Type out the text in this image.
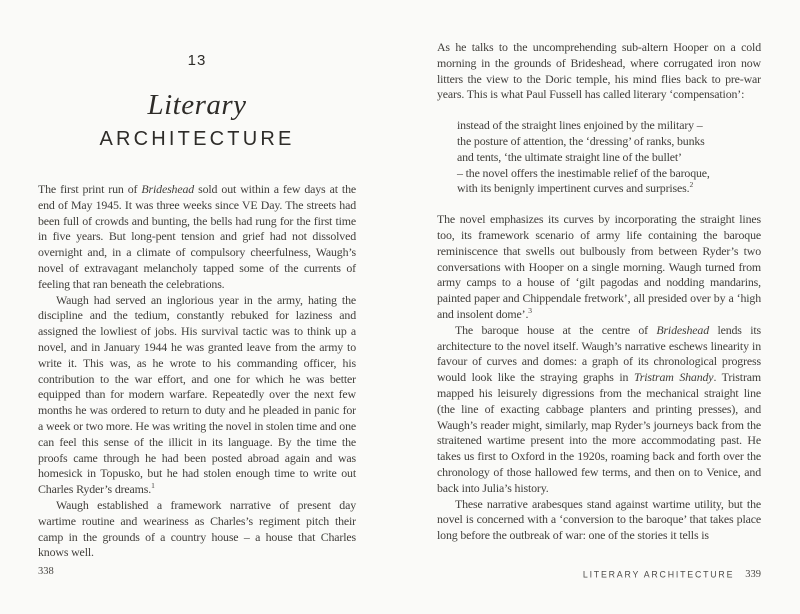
13
Literary
ARCHITECTURE

The first print run of Brideshead sold out within a few days at the end of May 1945. It was three weeks since VE Day. The streets had been full of crowds and bunting, the bells had rung for the first time in five years. But long-pent tension and grief had not dissolved overnight and, in a climate of compulsory cheerfulness, Waugh’s novel of extravagant melancholy tapped some of the currents of feeling that ran beneath the celebrations.

Waugh had served an inglorious year in the army, hating the discipline and the tedium, constantly rebuked for laziness and assigned the lowliest of jobs. His survival tactic was to think up a novel, and in January 1944 he was granted leave from the army to write it. This was, as he wrote to his commanding officer, his contribution to the war effort, and one for which he was better equipped than for modern warfare. Repeatedly over the next few months he was ordered to return to duty and he pleaded in panic for a week or two more. He was writing the novel in stolen time and one can feel this sense of the illicit in its language. By the time the proofs came through he had been posted abroad again and was homesick in Topusko, but he had stolen enough time to write out Charles Ryder’s dreams.$^1$

Waugh established a framework narrative of present day wartime routine and weariness as Charles’s regiment pitch their camp in the grounds of a country house – a house that Charles knows well.

338

As he talks to the uncomprehending sub-altern Hooper on a cold morning in the grounds of Brideshead, where corrugated iron now litters the view to the Doric temple, his mind flies back to pre-war years. This is what Paul Fussell has called literary ‘compensation’:

instead of the straight lines enjoined by the military –
the posture of attention, the ‘dressing’ of ranks, bunks
and tents, ‘the ultimate straight line of the bullet’
– the novel offers the inestimable relief of the baroque,
with its benignly impertinent curves and surprises.$^2$

The novel emphasizes its curves by incorporating the straight lines too, its framework scenario of army life containing the baroque reminiscence that swells out bulbously from between Ryder’s two conversations with Hooper on a single morning. Waugh turned from army camps to a house of ‘gilt pagodas and nodding mandarins, painted paper and Chippendale fretwork’, all presided over by a ‘high and insolent dome’.$^3$

The baroque house at the centre of Brideshead lends its architecture to the novel itself. Waugh’s narrative eschews linearity in favour of curves and domes: a graph of its chronological progress would look like the straying graphs in Tristram Shandy. Tristram mapped his leisurely digressions from the mechanical straight line (the line of exacting cabbage planters and printing presses), and Waugh’s reader might, similarly, map Ryder’s journeys back from the straitened wartime present into the more accommodating past. He takes us first to Oxford in the 1920s, roaming back and forth over the chronology of those hallowed few terms, and then on to Venice, and back into Julia’s history.

These narrative arabesques stand against wartime utility, but the novel is concerned with a ‘conversion to the baroque’ that takes place long before the outbreak of war: one of the stories it tells is

LITERARY ARCHITECTURE 339
